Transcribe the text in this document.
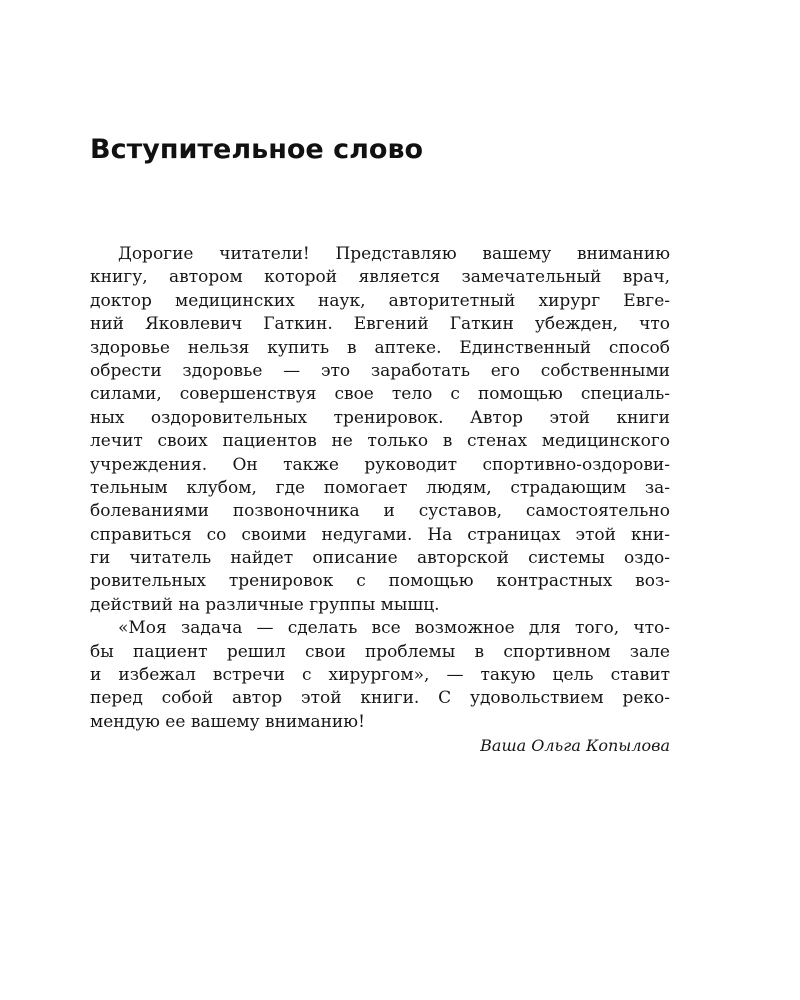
Вступительное слово
Дорогие читатели! Представляю вашему вниманию
книгу, автором которой является замечательный врач,
доктор медицинских наук, авторитетный хирург Евге-
ний Яковлевич Гаткин. Евгений Гаткин убежден, что
здоровье нельзя купить в аптеке. Единственный способ
обрести здоровье — это заработать его собственными
силами, совершенствуя свое тело с помощью специаль-
ных оздоровительных тренировок. Автор этой книги
лечит своих пациентов не только в стенах медицинского
учреждения. Он также руководит спортивно-оздорови-
тельным клубом, где помогает людям, страдающим за-
болеваниями позвоночника и суставов, самостоятельно
справиться со своими недугами. На страницах этой кни-
ги читатель найдет описание авторской системы оздо-
ровительных тренировок с помощью контрастных воз-
действий на различные группы мышц.
«Моя задача — сделать все возможное для того, что-
бы пациент решил свои проблемы в спортивном зале
и избежал встречи с хирургом», — такую цель ставит
перед собой автор этой книги. С удовольствием реко-
мендую ее вашему вниманию!
Ваша Ольга Копылова
